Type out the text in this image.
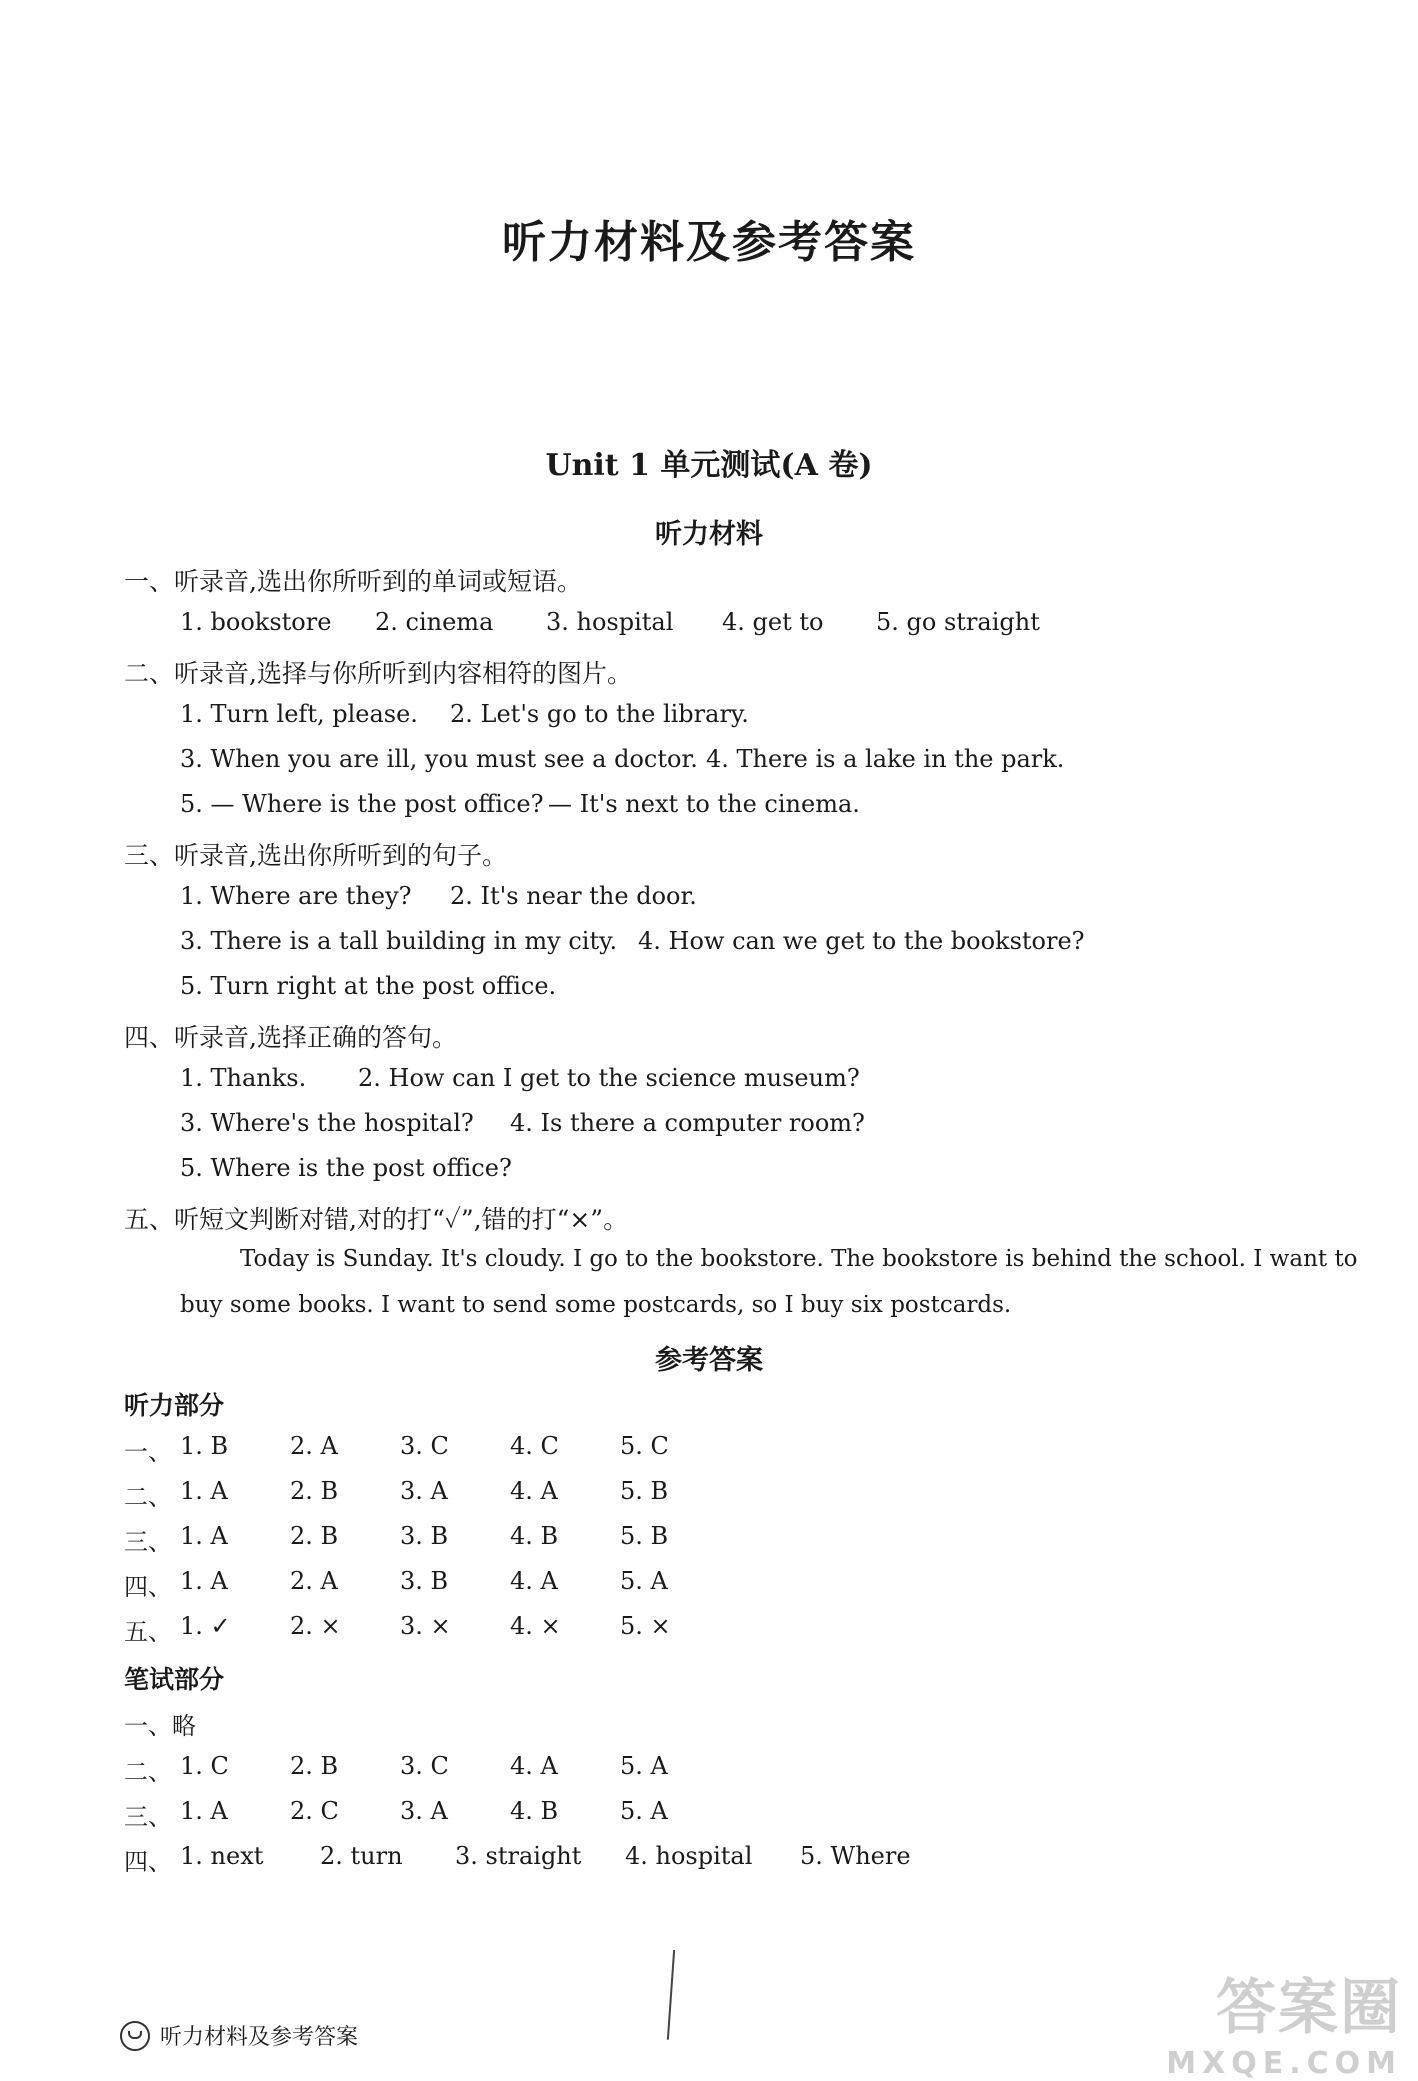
听力材料及参考答案
Unit 1 单元测试(A 卷)
听力材料
一、听录音,选出你所听到的单词或短语。
1. bookstore 2. cinema 3. hospital 4. get to 5. go straight
二、听录音,选择与你所听到内容相符的图片。
1. Turn left, please. 2. Let's go to the library.
3. When you are ill, you must see a doctor. 4. There is a lake in the park.
5. — Where is the post office? — It's next to the cinema.
三、听录音,选出你所听到的句子。
1. Where are they? 2. It's near the door.
3. There is a tall building in my city. 4. How can we get to the bookstore?
5. Turn right at the post office.
四、听录音,选择正确的答句。
1. Thanks. 2. How can I get to the science museum?
3. Where's the hospital? 4. Is there a computer room?
5. Where is the post office?
五、听短文判断对错,对的打“✓”,错的打“×”。
Today is Sunday. It's cloudy. I go to the bookstore. The bookstore is behind the school. I want to
buy some books. I want to send some postcards, so I buy six postcards.
参考答案
听力部分
一、 1. B	2. A	3. C	4. C	5. C
二、 1. A	2. B	3. A	4. A	5. B
三、 1. A	2. B	3. B	4. B	5. B
四、 1. A	2. A	3. B	4. A	5. A
五、 1. ✓ 2. × 3. × 4. × 5. ×
笔试部分
一、略
二、 1. C	2. B	3. C	4. A	5. A
三、 1. A	2. C	3. A	4. B	5. A
四、 1. next 2. turn 3. straight 4. hospital 5. Where
听力材料及参考答案	答案圈
MXQE.COM
